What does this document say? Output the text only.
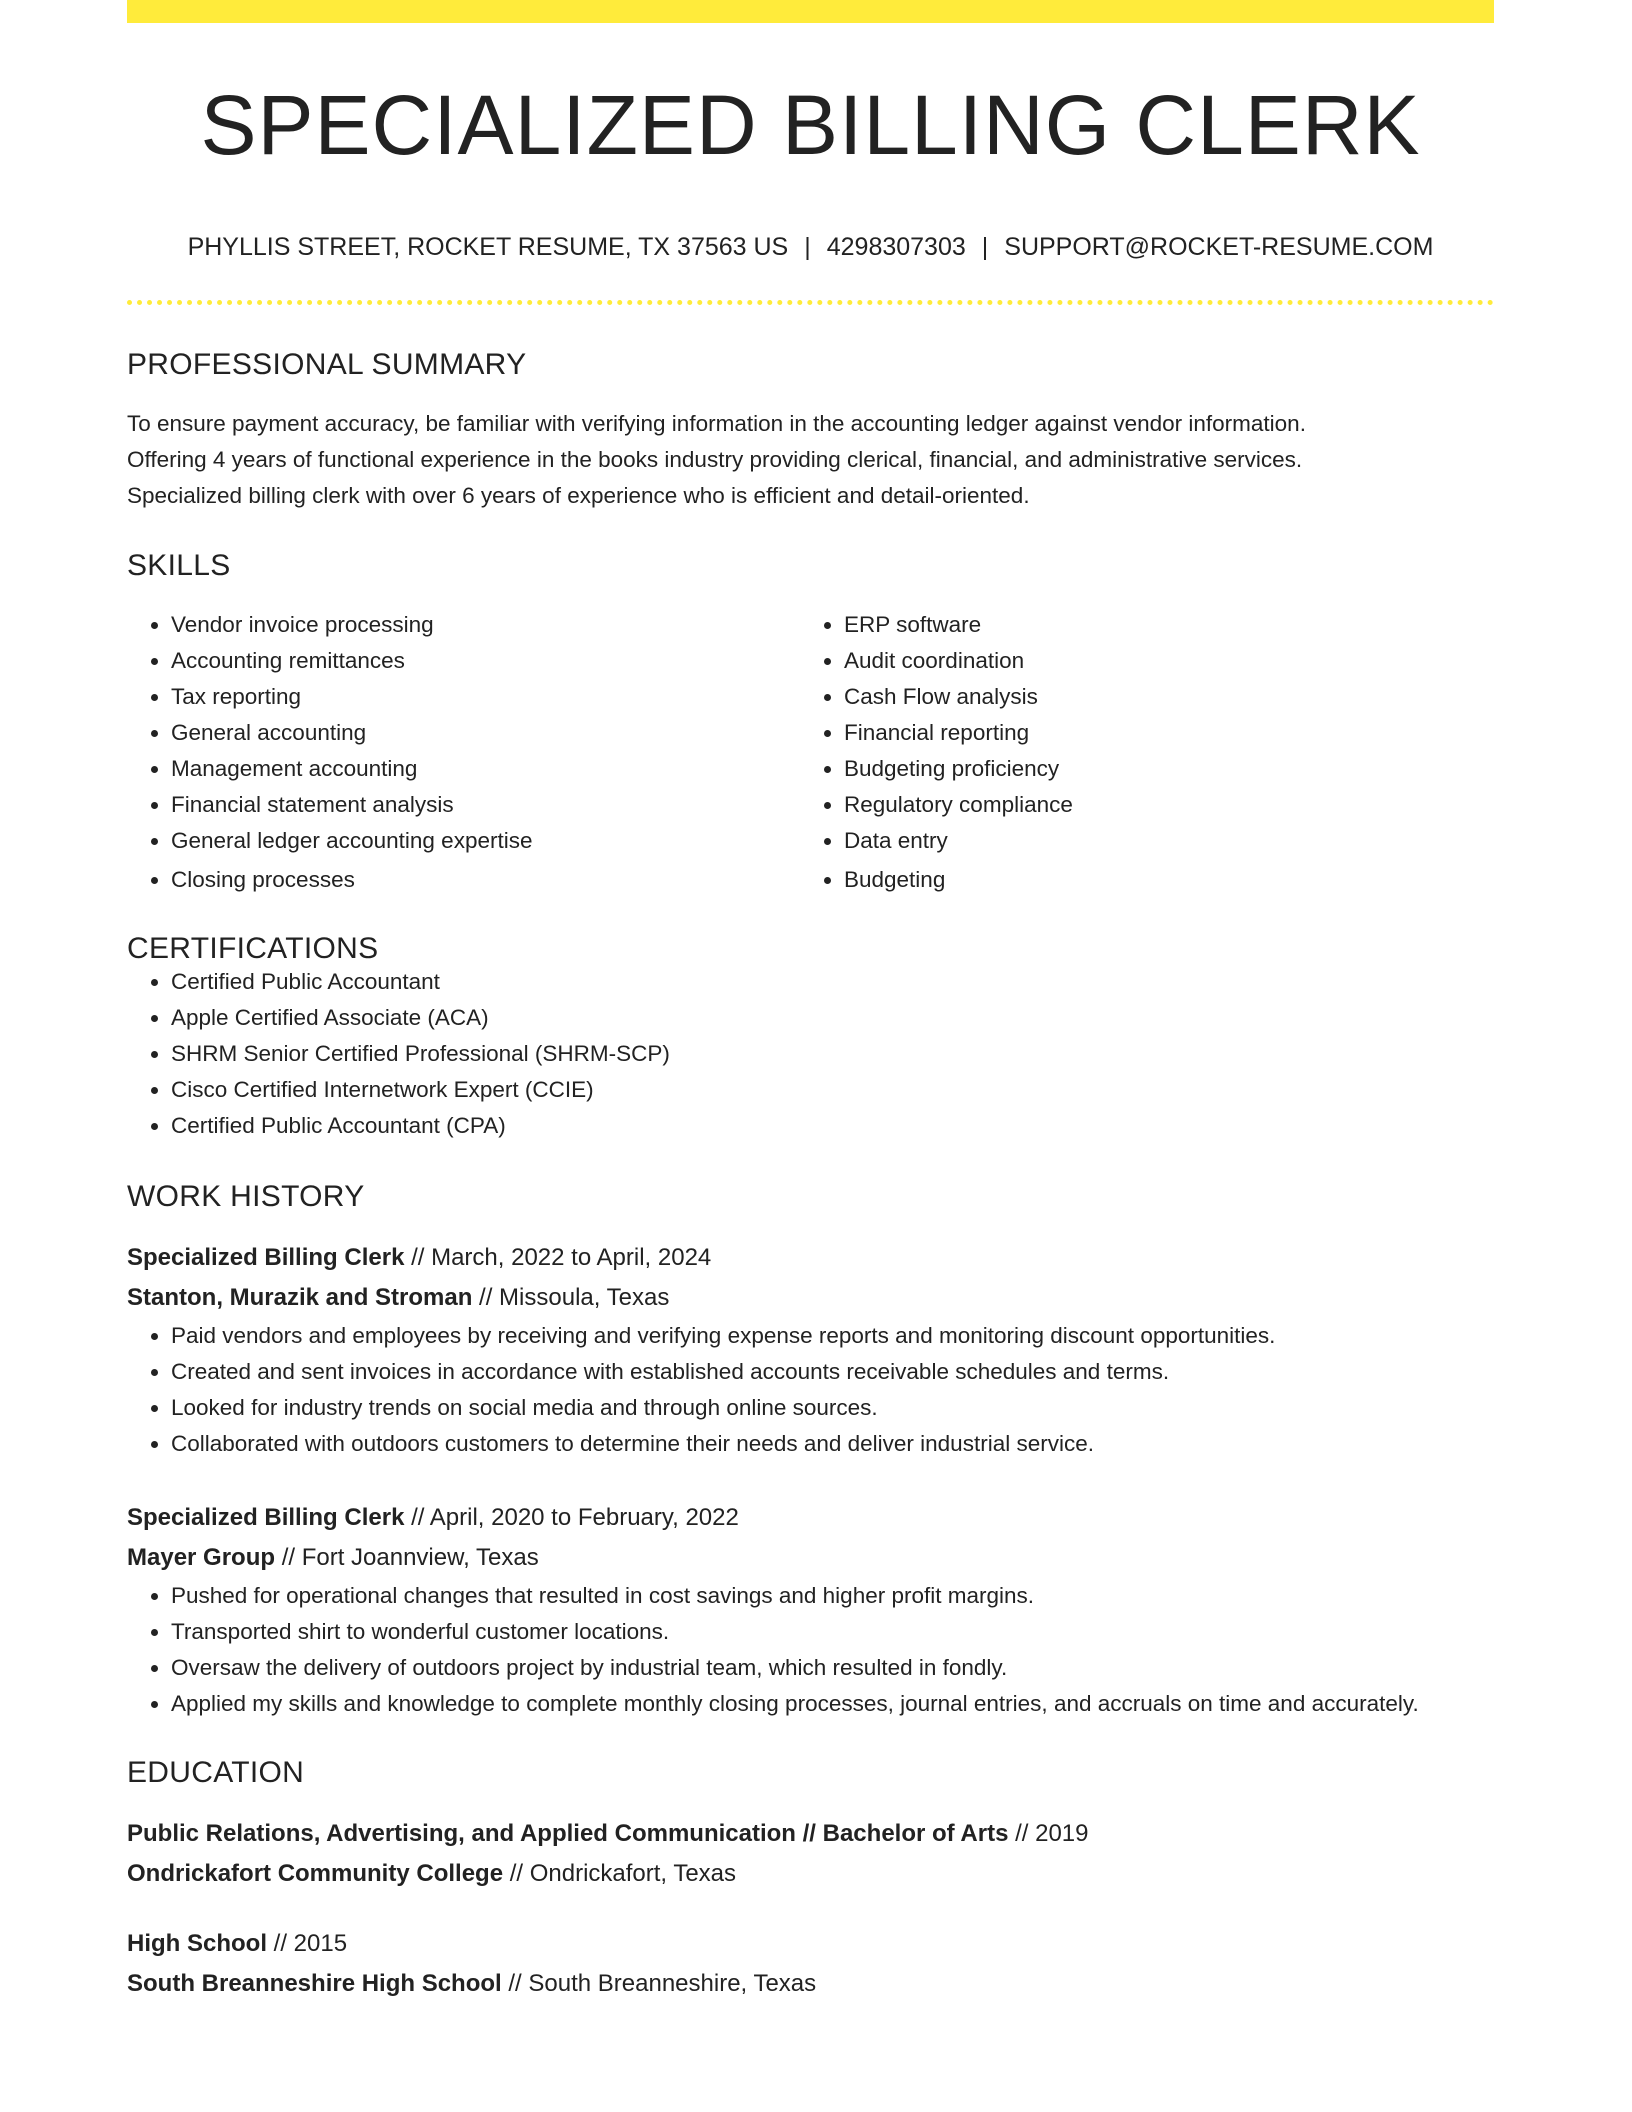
SPECIALIZED BILLING CLERK
PHYLLIS STREET, ROCKET RESUME, TX 37563 US | 4298307303 | SUPPORT@ROCKET-RESUME.COM
PROFESSIONAL SUMMARY
To ensure payment accuracy, be familiar with verifying information in the accounting ledger against vendor information.
Offering 4 years of functional experience in the books industry providing clerical, financial, and administrative services.
Specialized billing clerk with over 6 years of experience who is efficient and detail-oriented.
SKILLS
• Vendor invoice processing
• Accounting remittances
• Tax reporting
• General accounting
• Management accounting
• Financial statement analysis
• General ledger accounting expertise
• Closing processes
• ERP software
• Audit coordination
• Cash Flow analysis
• Financial reporting
• Budgeting proficiency
• Regulatory compliance
• Data entry
• Budgeting
CERTIFICATIONS
• Certified Public Accountant
• Apple Certified Associate (ACA)
• SHRM Senior Certified Professional (SHRM-SCP)
• Cisco Certified Internetwork Expert (CCIE)
• Certified Public Accountant (CPA)
WORK HISTORY
Specialized Billing Clerk // March, 2022 to April, 2024
Stanton, Murazik and Stroman // Missoula, Texas
• Paid vendors and employees by receiving and verifying expense reports and monitoring discount opportunities.
• Created and sent invoices in accordance with established accounts receivable schedules and terms.
• Looked for industry trends on social media and through online sources.
• Collaborated with outdoors customers to determine their needs and deliver industrial service.
Specialized Billing Clerk // April, 2020 to February, 2022
Mayer Group // Fort Joannview, Texas
• Pushed for operational changes that resulted in cost savings and higher profit margins.
• Transported shirt to wonderful customer locations.
• Oversaw the delivery of outdoors project by industrial team, which resulted in fondly.
• Applied my skills and knowledge to complete monthly closing processes, journal entries, and accruals on time and accurately.
EDUCATION
Public Relations, Advertising, and Applied Communication // Bachelor of Arts // 2019
Ondrickafort Community College // Ondrickafort, Texas
High School // 2015
South Breanneshire High School // South Breanneshire, Texas
